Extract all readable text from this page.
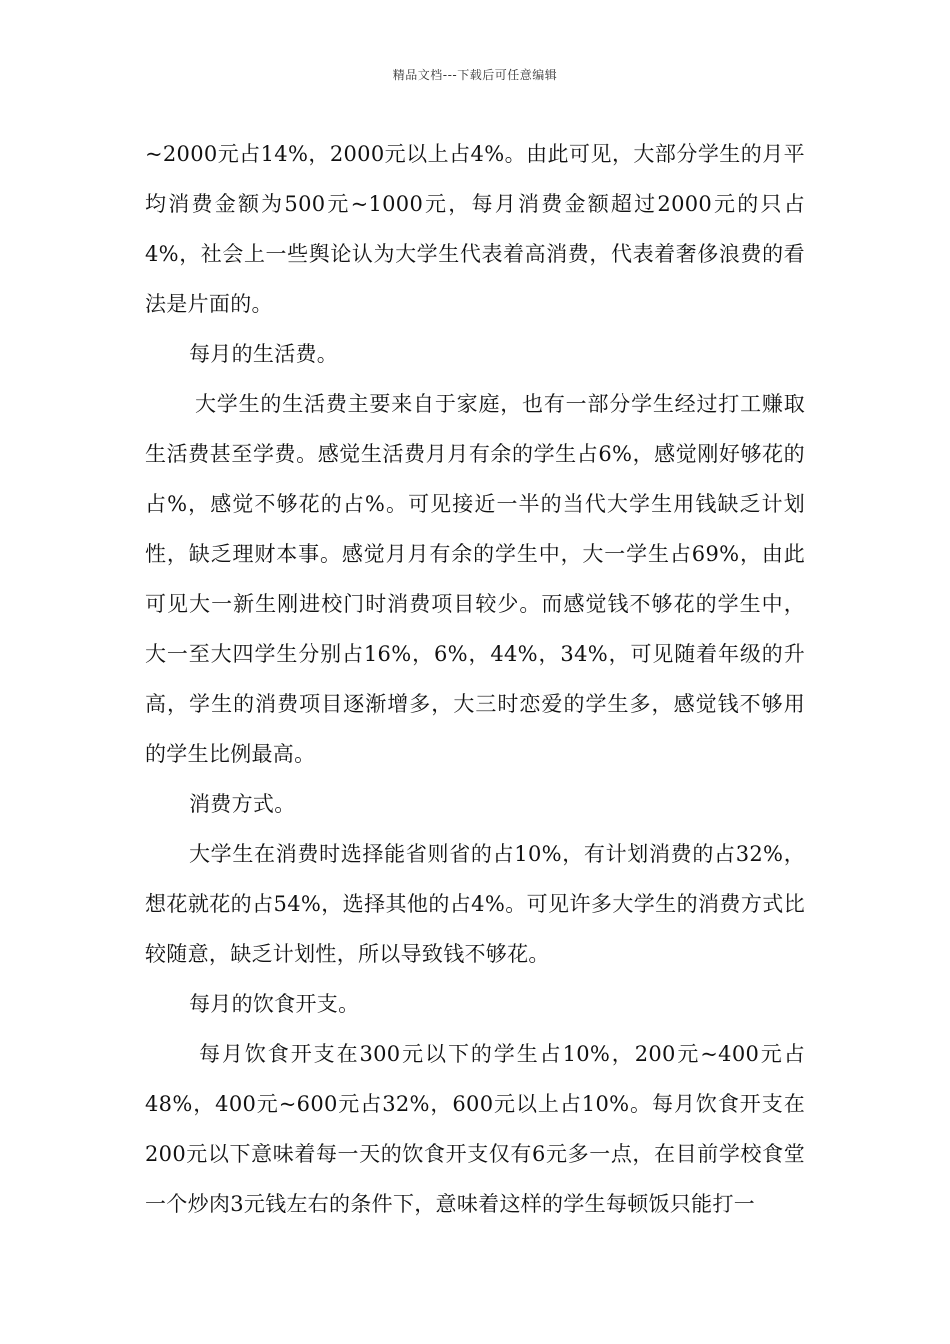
精品文档---下载后可任意编辑

~2000元占14%，2000元以上占4%。由此可见，大部分学生的月平均消费金额为500元~1000元，每月消费金额超过2000元的只占4%，社会上一些舆论认为大学生代表着高消费，代表着奢侈浪费的看法是片面的。

每月的生活费。

大学生的生活费主要来自于家庭，也有一部分学生经过打工赚取生活费甚至学费。感觉生活费月月有余的学生占6%，感觉刚好够花的占%，感觉不够花的占%。可见接近一半的当代大学生用钱缺乏计划性，缺乏理财本事。感觉月月有余的学生中，大一学生占69%，由此可见大一新生刚进校门时消费项目较少。而感觉钱不够花的学生中，大一至大四学生分别占16%，6%，44%，34%，可见随着年级的升高，学生的消费项目逐渐增多，大三时恋爱的学生多，感觉钱不够用的学生比例最高。

消费方式。

大学生在消费时选择能省则省的占10%，有计划消费的占32%，想花就花的占54%，选择其他的占4%。可见许多大学生的消费方式比较随意，缺乏计划性，所以导致钱不够花。

每月的饮食开支。

每月饮食开支在300元以下的学生占10%，200元~400元占48%，400元~600元占32%，600元以上占10%。每月饮食开支在200元以下意味着每一天的饮食开支仅有6元多一点，在目前学校食堂一个炒肉3元钱左右的条件下，意味着这样的学生每顿饭只能打一
